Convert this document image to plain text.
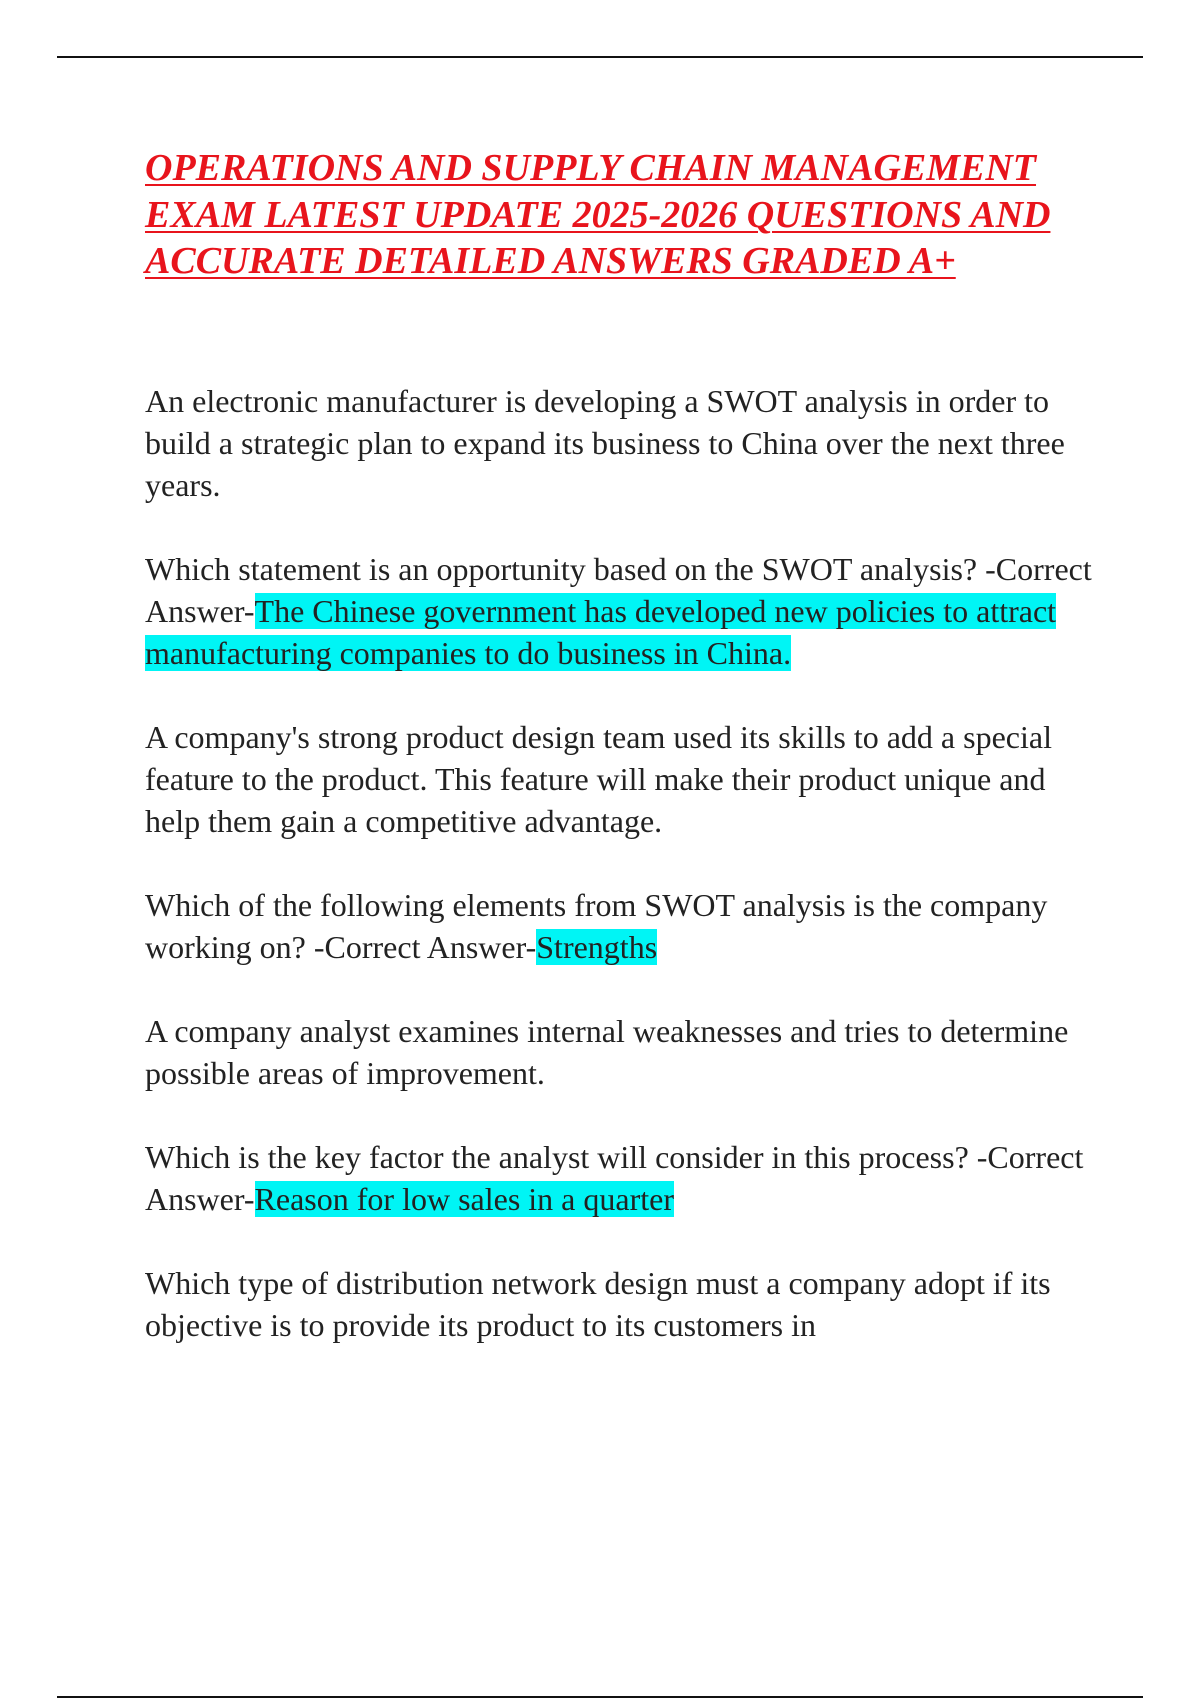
OPERATIONS AND SUPPLY CHAIN MANAGEMENT EXAM LATEST UPDATE 2025-2026 QUESTIONS AND ACCURATE DETAILED ANSWERS GRADED A+

An electronic manufacturer is developing a SWOT analysis in order to build a strategic plan to expand its business to China over the next three years.

Which statement is an opportunity based on the SWOT analysis? -Correct Answer-The Chinese government has developed new policies to attract manufacturing companies to do business in China.

A company's strong product design team used its skills to add a special feature to the product. This feature will make their product unique and help them gain a competitive advantage.

Which of the following elements from SWOT analysis is the company working on? -Correct Answer-Strengths

A company analyst examines internal weaknesses and tries to determine possible areas of improvement.

Which is the key factor the analyst will consider in this process? -Correct Answer-Reason for low sales in a quarter

Which type of distribution network design must a company adopt if its objective is to provide its product to its customers in
